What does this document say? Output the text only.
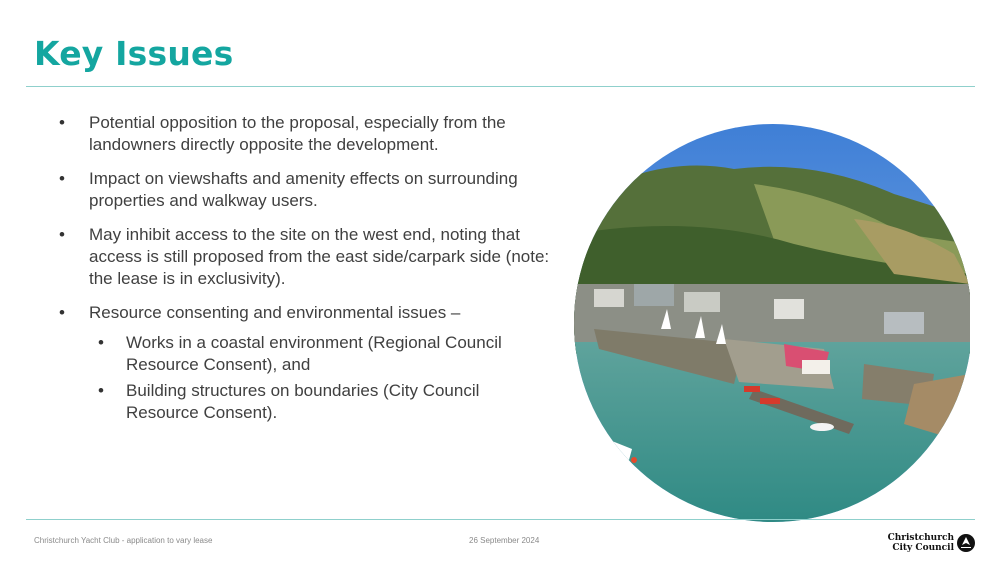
Key Issues
• Potential opposition to the proposal, especially from the landowners directly opposite the development.
• Impact on viewshafts and amenity effects on surrounding properties and walkway users.
• May inhibit access to the site on the west end, noting that access is still proposed from the east side/carpark side (note: the lease is in exclusivity).
• Resource consenting and environmental issues –
• Works in a coastal environment (Regional Council Resource Consent), and
• Building structures on boundaries (City Council Resource Consent).
Christchurch Yacht Club - application to vary lease	26 September 2024	Christchurch
City Council
